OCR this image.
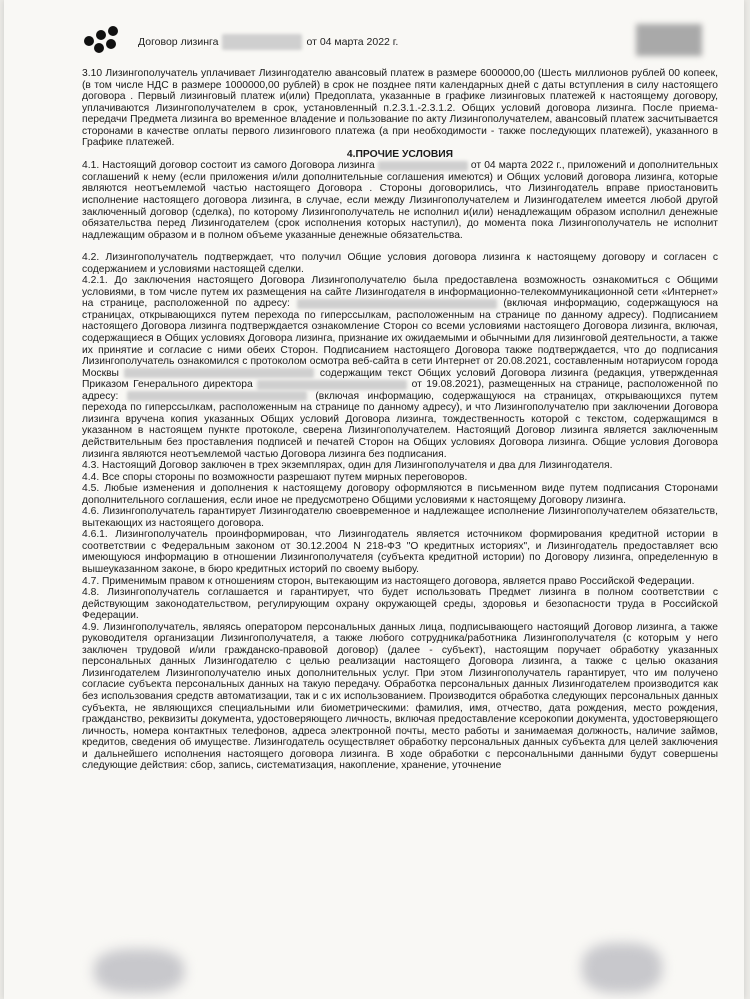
Договор лизинга	от 04 марта 2022 г.

3.10 Лизингополучатель уплачивает Лизингодателю авансовый платеж в размере 6000000,00 (Шесть миллионов рублей 00 копеек, (в том числе НДС в размере 1000000,00 рублей) в срок не позднее пяти календарных дней с даты вступления в силу настоящего договора . Первый лизинговый платеж и(или) Предоплата, указанные в графике лизинговых платежей к настоящему договору, уплачиваются Лизингополучателем в срок, установленный п.2.3.1.-2.3.1.2. Общих условий договора лизинга. После приема-передачи Предмета лизинга во временное владение и пользование по акту Лизингополучателем, авансовый платеж засчитывается сторонами в качестве оплаты первого лизингового платежа (а при необходимости - также последующих платежей), указанного в Графике платежей.

4.ПРОЧИЕ УСЛОВИЯ

4.1. Настоящий договор состоит из самого Договора лизинга	от 04 марта 2022 г., приложений и дополнительных соглашений к нему (если приложения и/или дополнительные соглашения имеются) и Общих условий договора лизинга, которые являются неотъемлемой частью настоящего Договора . Стороны договорились, что Лизингодатель вправе приостановить исполнение настоящего договора лизинга, в случае, если между Лизингополучателем и Лизингодателем имеется любой другой заключенный договор (сделка), по которому Лизингополучатель не исполнил и(или) ненадлежащим образом исполнил денежные обязательства перед Лизингодателем (срок исполнения которых наступил), до момента пока Лизингополучатель не исполнит надлежащим образом и в полном объеме указанные денежные обязательства.

4.2. Лизингополучатель подтверждает, что получил Общие условия договора лизинга к настоящему договору и согласен с содержанием и условиями настоящей сделки.

4.2.1. До заключения настоящего Договора Лизингополучателю была предоставлена возможность ознакомиться с Общими условиями, в том числе путем их размещения на сайте Лизингодателя в информационно-телекоммуникационной сети «Интернет» на странице, расположенной по адресу:	(включая информацию, содержащуюся на страницах, открывающихся путем перехода по гиперссылкам, расположенным на странице по данному адресу). Подписанием настоящего Договора лизинга подтверждается ознакомление Сторон со всеми условиями настоящего Договора лизинга, включая, содержащиеся в Общих условиях Договора лизинга, признание их ожидаемыми и обычными для лизинговой деятельности, а также их принятие и согласие с ними обеих Сторон. Подписанием настоящего Договора также подтверждается, что до подписания Лизингополучатель ознакомился с протоколом осмотра веб-сайта в сети Интернет от 20.08.2021, составленным нотариусом города Москвы	содержащим текст Общих условий Договора лизинга (редакция, утвержденная Приказом Генерального директора	от 19.08.2021), размещенных на странице, расположенной по адресу:	(включая информацию, содержащуюся на страницах, открывающихся путем перехода по гиперссылкам, расположенным на странице по данному адресу), и что Лизингополучателю при заключении Договора лизинга вручена копия указанных Общих условий Договора лизинга, тождественность которой с текстом, содержащимся в указанном в настоящем пункте протоколе, сверена Лизингополучателем. Настоящий Договор лизинга является заключенным действительным без проставления подписей и печатей Сторон на Общих условиях Договора лизинга. Общие условия Договора лизинга являются неотъемлемой частью Договора лизинга без подписания.

4.3. Настоящий Договор заключен в трех экземплярах, один для Лизингополучателя и два для Лизингодателя.

4.4. Все споры стороны по возможности разрешают путем мирных переговоров.

4.5. Любые изменения и дополнения к настоящему договору оформляются в письменном виде путем подписания Сторонами дополнительного соглашения, если иное не предусмотрено Общими условиями к настоящему Договору лизинга.

4.6. Лизингополучатель гарантирует Лизингодателю своевременное и надлежащее исполнение Лизингополучателем обязательств, вытекающих из настоящего договора.

4.6.1. Лизингополучатель проинформирован, что Лизингодатель является источником формирования кредитной истории в соответствии с Федеральным законом от 30.12.2004 N 218-ФЗ "О кредитных историях", и Лизингодатель предоставляет всю имеющуюся информацию в отношении Лизингополучателя (субъекта кредитной истории) по Договору лизинга, определенную в вышеуказанном законе, в бюро кредитных историй по своему выбору.

4.7. Применимым правом к отношениям сторон, вытекающим из настоящего договора, является право Российской Федерации.

4.8. Лизингополучатель соглашается и гарантирует, что будет использовать Предмет лизинга в полном соответствии с действующим законодательством, регулирующим охрану окружающей среды, здоровья и безопасности труда в Российской Федерации.

4.9. Лизингополучатель, являясь оператором персональных данных лица, подписывающего настоящий Договор лизинга, а также руководителя организации Лизингополучателя, а также любого сотрудника/работника Лизингополучателя (с которым у него заключен трудовой и/или гражданско-правовой договор) (далее - субъект), настоящим поручает обработку указанных персональных данных Лизингодателю с целью реализации настоящего Договора лизинга, а также с целью оказания Лизингодателем Лизингополучателю иных дополнительных услуг. При этом Лизингополучатель гарантирует, что им получено согласие субъекта персональных данных на такую передачу. Обработка персональных данных Лизингодателем производится как без использования средств автоматизации, так и с их использованием. Производится обработка следующих персональных данных субъекта, не являющихся специальными или биометрическими: фамилия, имя, отчество, дата рождения, место рождения, гражданство, реквизиты документа, удостоверяющего личность, включая предоставление ксерокопии документа, удостоверяющего личность, номера контактных телефонов, адреса электронной почты, место работы и занимаемая должность, наличие займов, кредитов, сведения об имуществе. Лизингодатель осуществляет обработку персональных данных субъекта для целей заключения и дальнейшего исполнения настоящего договора лизинга. В ходе обработки с персональными данными будут совершены следующие действия: сбор, запись, систематизация, накопление, хранение, уточнение
